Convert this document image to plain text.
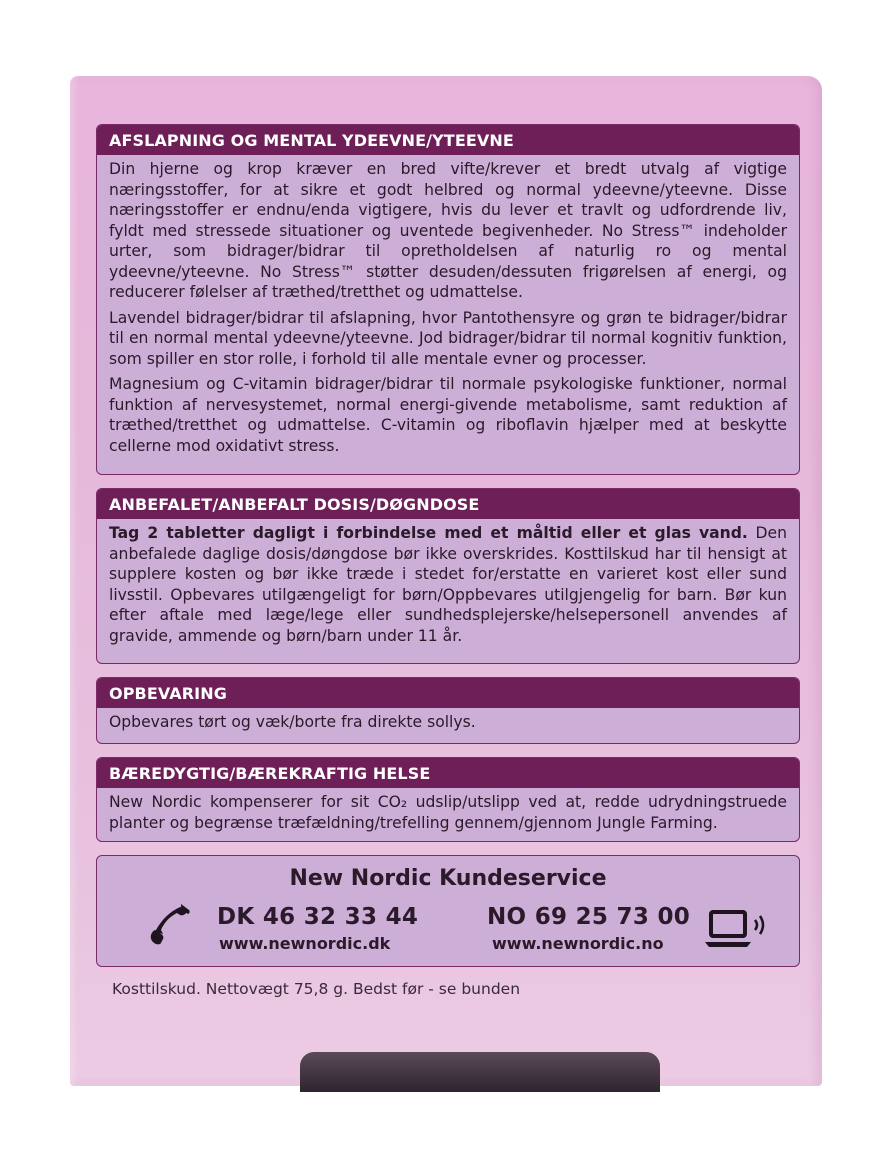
AFSLAPNING OG MENTAL YDEEVNE/YTEEVNE

Din hjerne og krop kræver en bred vifte/krever et bredt utvalg af vigtige næringsstoffer, for at sikre et godt helbred og normal ydeevne/yteevne. Disse næringsstoffer er endnu/enda vigtigere, hvis du lever et travlt og udfordrende liv, fyldt med stressede situationer og uventede begivenheder. No Stress™ indeholder urter, som bidrager/bidrar til opretholdelsen af naturlig ro og mental ydeevne/yteevne. No Stress™ støtter desuden/dessuten frigørelsen af energi, og reducerer følelser af træthed/tretthet og udmattelse.

Lavendel bidrager/bidrar til afslapning, hvor Pantothensyre og grøn te bidrager/bidrar til en normal mental ydeevne/yteevne. Jod bidrager/bidrar til normal kognitiv funktion, som spiller en stor rolle, i forhold til alle mentale evner og processer.

Magnesium og C-vitamin bidrager/bidrar til normale psykologiske funktioner, normal funktion af nervesystemet, normal energi-givende metabolisme, samt reduktion af træthed/tretthet og udmattelse. C-vitamin og riboflavin hjælper med at beskytte cellerne mod oxidativt stress.

ANBEFALET/ANBEFALT DOSIS/DØGNDOSE

Tag 2 tabletter dagligt i forbindelse med et måltid eller et glas vand. Den anbefalede daglige dosis/døngdose bør ikke overskrides. Kosttilskud har til hensigt at supplere kosten og bør ikke træde i stedet for/erstatte en varieret kost eller sund livsstil. Opbevares utilgængeligt for børn/Oppbevares utilgjengelig for barn. Bør kun efter aftale med læge/lege eller sundhedsplejerske/helsepersonell anvendes af gravide, ammende og børn/barn under 11 år.

OPBEVARING

Opbevares tørt og væk/borte fra direkte sollys.

BÆREDYGTIG/BÆREKRAFTIG HELSE

New Nordic kompenserer for sit CO₂ udslip/utslipp ved at, redde udrydningstruede planter og begrænse træfældning/trefelling gennem/gjennom Jungle Farming.

New Nordic Kundeservice
DK 46 32 33 44
www.newnordic.dk
NO 69 25 73 00
www.newnordic.no
Kosttilskud. Nettovægt 75,8 g. Bedst før - se bunden
